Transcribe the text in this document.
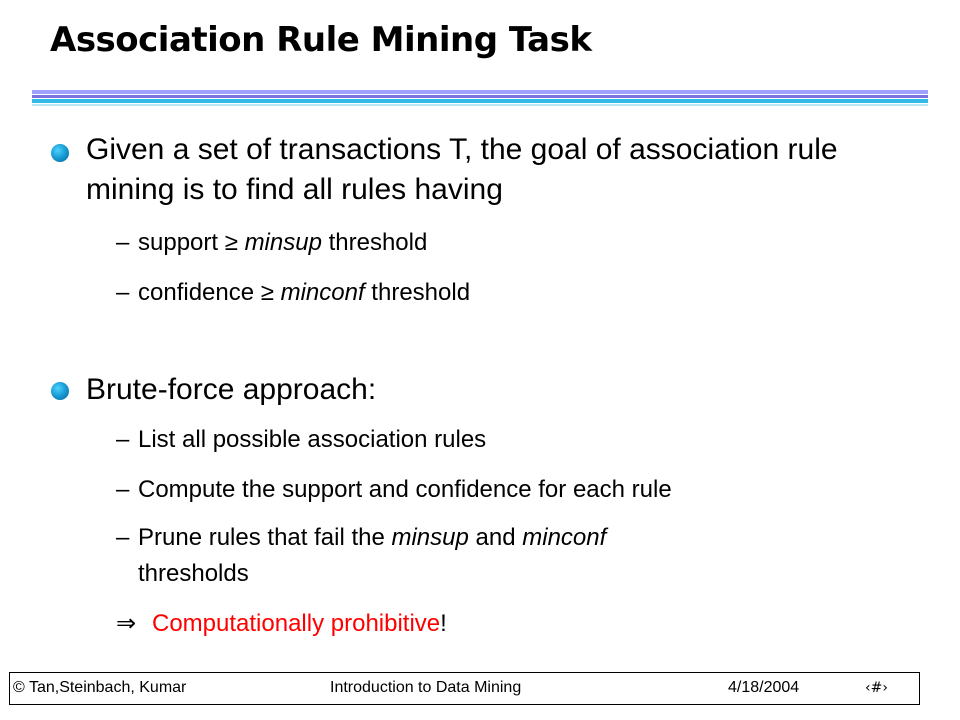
Association Rule Mining Task
Given a set of transactions T, the goal of association rule mining is to find all rules having
– support ≥ minsup threshold
– confidence ≥ minconf threshold
Brute-force approach:
– List all possible association rules
– Compute the support and confidence for each rule
– Prune rules that fail the minsup and minconf
thresholds
⇒ Computationally prohibitive!
© Tan,Steinbach, Kumar	Introduction to Data Mining	4/18/2004	‹#›
